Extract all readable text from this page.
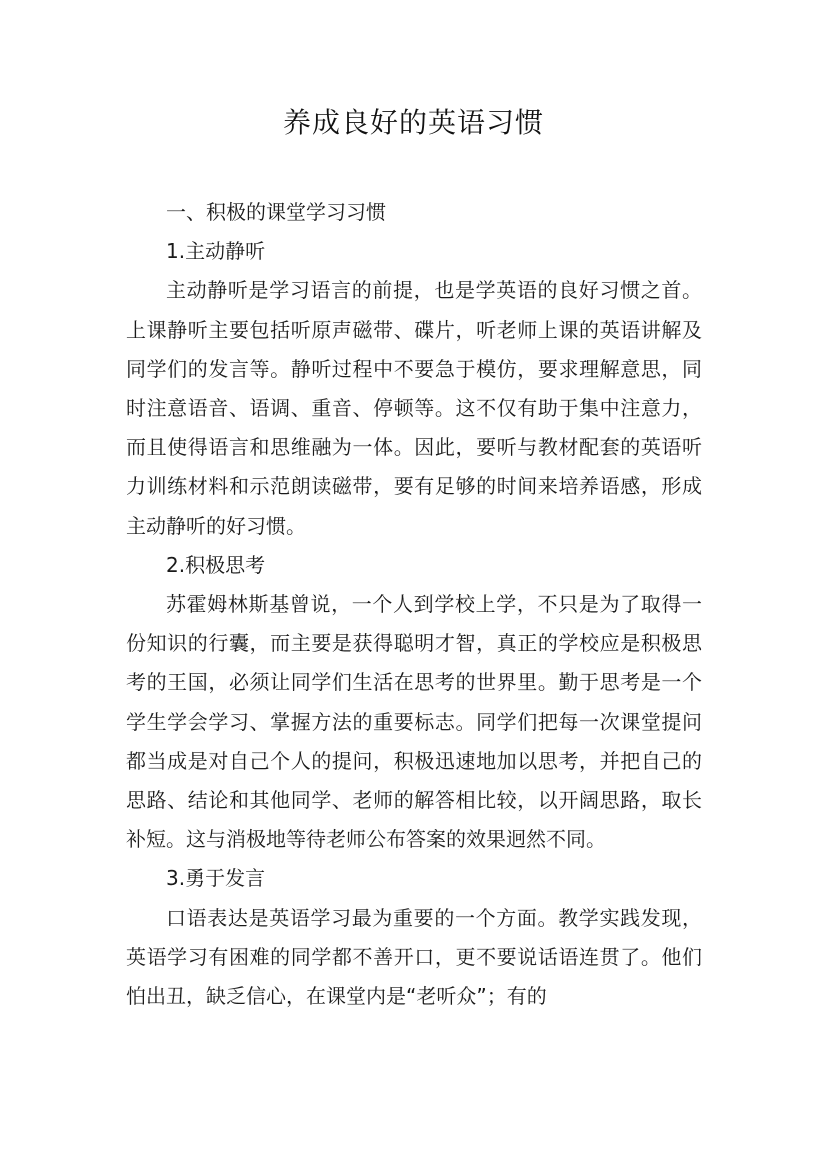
养成良好的英语习惯

一、积极的课堂学习习惯

1.主动静听

主动静听是学习语言的前提，也是学英语的良好习惯之首。上课静听主要包括听原声磁带、碟片，听老师上课的英语讲解及同学们的发言等。静听过程中不要急于模仿，要求理解意思，同时注意语音、语调、重音、停顿等。这不仅有助于集中注意力，而且使得语言和思维融为一体。因此，要听与教材配套的英语听力训练材料和示范朗读磁带，要有足够的时间来培养语感，形成主动静听的好习惯。

2.积极思考

苏霍姆林斯基曾说，一个人到学校上学，不只是为了取得一份知识的行囊，而主要是获得聪明才智，真正的学校应是积极思考的王国，必须让同学们生活在思考的世界里。勤于思考是一个学生学会学习、掌握方法的重要标志。同学们把每一次课堂提问都当成是对自己个人的提问，积极迅速地加以思考，并把自己的思路、结论和其他同学、老师的解答相比较，以开阔思路，取长补短。这与消极地等待老师公布答案的效果迥然不同。

3.勇于发言

口语表达是英语学习最为重要的一个方面。教学实践发现，英语学习有困难的同学都不善开口，更不要说话语连贯了。他们怕出丑，缺乏信心，在课堂内是“老听众”；有的
